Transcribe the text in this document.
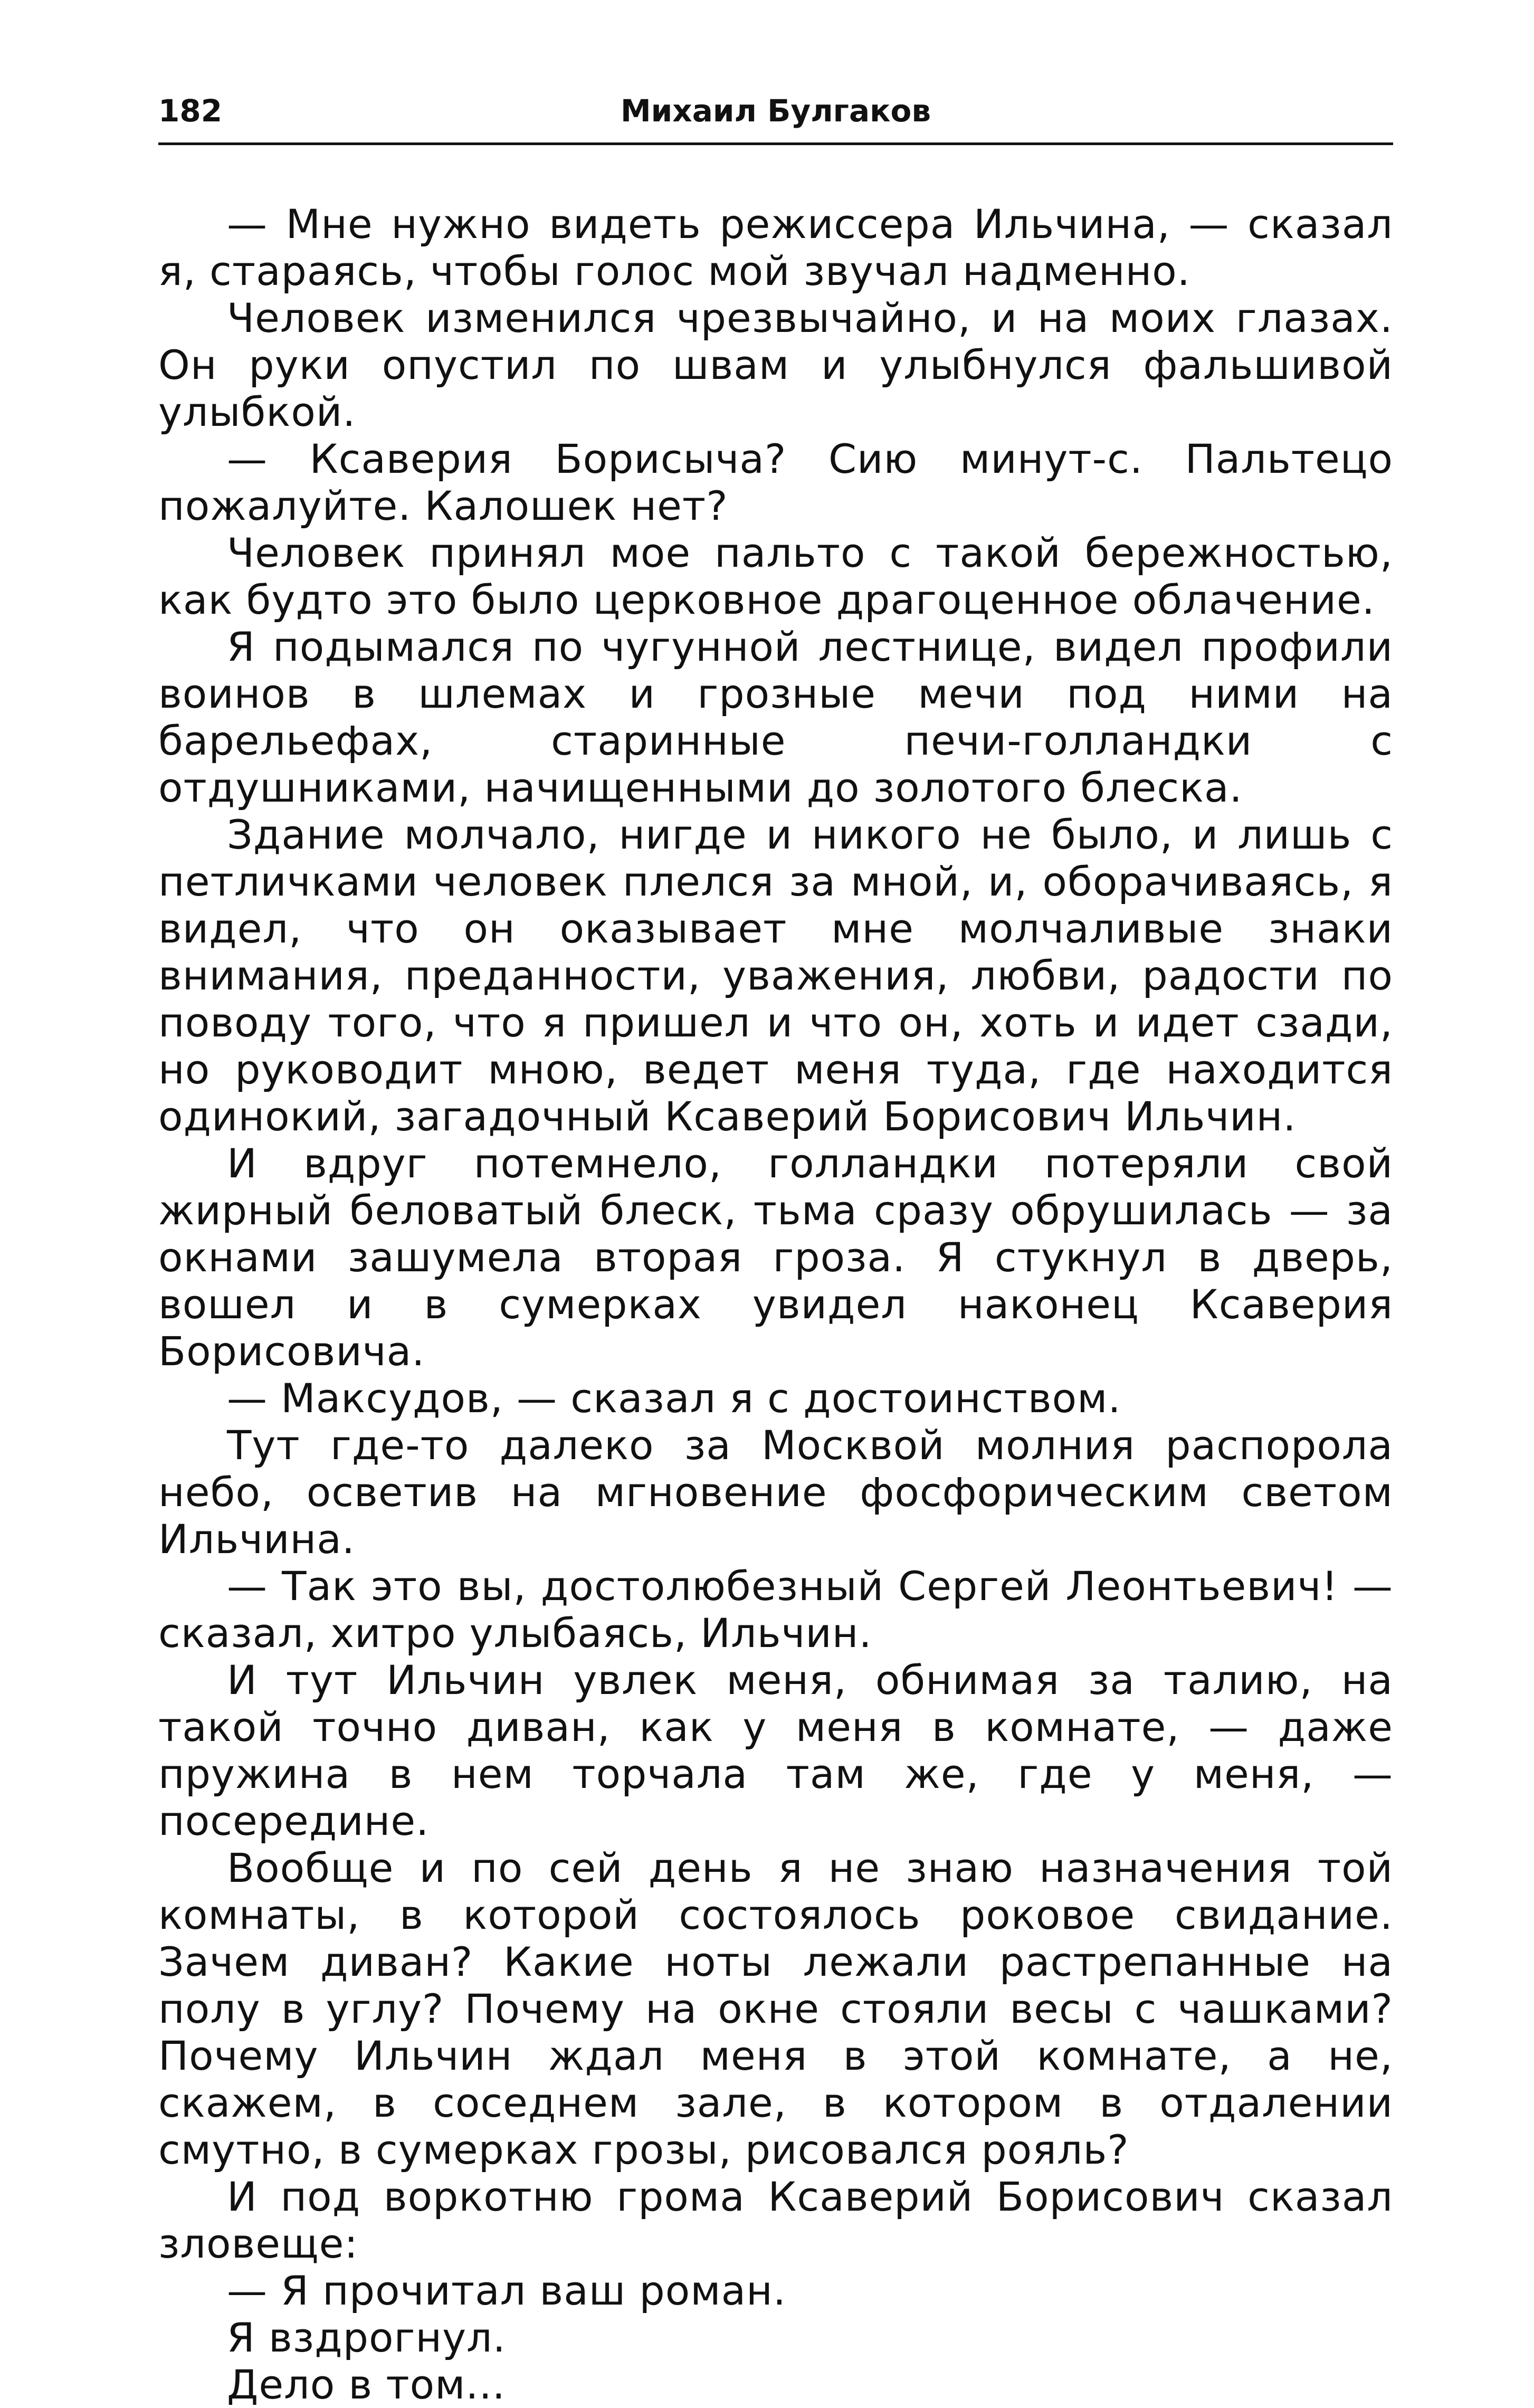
182	Михаил Булгаков

— Мне нужно видеть режиссера Ильчина, — сказал я, стараясь, чтобы голос мой звучал надменно.

Человек изменился чрезвычайно, и на моих глазах. Он руки опустил по швам и улыбнулся фальшивой улыбкой.

— Ксаверия Борисыча? Сию минут-с. Пальтецо пожалуйте. Калошек нет?

Человек принял мое пальто с такой бережностью, как будто это было церковное драгоценное облачение.

Я подымался по чугунной лестнице, видел профили воинов в шлемах и грозные мечи под ними на барельефах, старинные печи-голландки с отдушниками, начищенными до золотого блеска.

Здание молчало, нигде и никого не было, и лишь с петличками человек плелся за мной, и, оборачиваясь, я видел, что он оказывает мне молчаливые знаки внимания, преданности, уважения, любви, радости по поводу того, что я пришел и что он, хоть и идет сзади, но руководит мною, ведет меня туда, где находится одинокий, загадочный Ксаверий Борисович Ильчин.

И вдруг потемнело, голландки потеряли свой жирный беловатый блеск, тьма сразу обрушилась — за окнами зашумела вторая гроза. Я стукнул в дверь, вошел и в сумерках увидел наконец Ксаверия Борисовича.

— Максудов, — сказал я с достоинством.

Тут где-то далеко за Москвой молния распорола небо, осветив на мгновение фосфорическим светом Ильчина.

— Так это вы, достолюбезный Сергей Леонтьевич! — сказал, хитро улыбаясь, Ильчин.

И тут Ильчин увлек меня, обнимая за талию, на такой точно диван, как у меня в комнате, — даже пружина в нем торчала там же, где у меня, — посередине.

Вообще и по сей день я не знаю назначения той комнаты, в которой состоялось роковое свидание. Зачем диван? Какие ноты лежали растрепанные на полу в углу? Почему на окне стояли весы с чашками? Почему Ильчин ждал меня в этой комнате, а не, скажем, в соседнем зале, в котором в отдалении смутно, в сумерках грозы, рисовался рояль?

И под воркотню грома Ксаверий Борисович сказал зловеще:

— Я прочитал ваш роман.

Я вздрогнул.

Дело в том...
